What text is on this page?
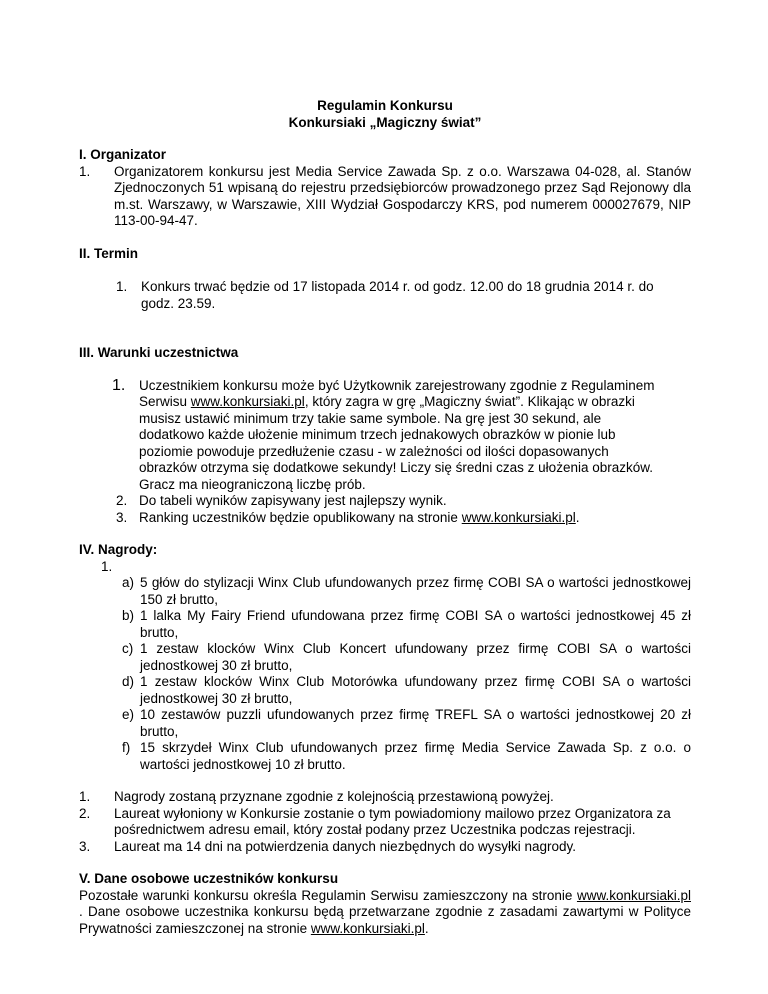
Regulamin Konkursu
Konkursiaki „Magiczny świat”
I. Organizator
1. Organizatorem konkursu jest Media Service Zawada Sp. z o.o. Warszawa 04-028, al. Stanów Zjednoczonych 51 wpisaną do rejestru przedsiębiorców prowadzonego przez Sąd Rejonowy dla m.st. Warszawy, w Warszawie, XIII Wydział Gospodarczy KRS, pod numerem 000027679, NIP 113-00-94-47.
II. Termin
1. Konkurs trwać będzie od 17 listopada 2014 r. od godz. 12.00 do 18 grudnia 2014 r. do godz. 23.59.
III. Warunki uczestnictwa
1. Uczestnikiem konkursu może być Użytkownik zarejestrowany zgodnie z Regulaminem Serwisu www.konkursiaki.pl, który zagra w grę „Magiczny świat”. Klikając w obrazki musisz ustawić minimum trzy takie same symbole. Na grę jest 30 sekund, ale dodatkowo każde ułożenie minimum trzech jednakowych obrazków w pionie lub poziomie powoduje przedłużenie czasu - w zależności od ilości dopasowanych obrazków otrzyma się dodatkowe sekundy! Liczy się średni czas z ułożenia obrazków. Gracz ma nieograniczoną liczbę prób.
2. Do tabeli wyników zapisywany jest najlepszy wynik.
3. Ranking uczestników będzie opublikowany na stronie www.konkursiaki.pl.
IV. Nagrody:
1.
a) 5 głów do stylizacji Winx Club ufundowanych przez firmę COBI SA o wartości jednostkowej 150 zł brutto,
b) 1 lalka My Fairy Friend ufundowana przez firmę COBI SA o wartości jednostkowej 45 zł brutto,
c) 1 zestaw klocków Winx Club Koncert ufundowany przez firmę COBI SA o wartości jednostkowej 30 zł brutto,
d) 1 zestaw klocków Winx Club Motorówka ufundowany przez firmę COBI SA o wartości jednostkowej 30 zł brutto,
e) 10 zestawów puzzli ufundowanych przez firmę TREFL SA o wartości jednostkowej 20 zł brutto,
f) 15 skrzydeł Winx Club ufundowanych przez firmę Media Service Zawada Sp. z o.o. o wartości jednostkowej 10 zł brutto.
1. Nagrody zostaną przyznane zgodnie z kolejnością przestawioną powyżej.
2. Laureat wyłoniony w Konkursie zostanie o tym powiadomiony mailowo przez Organizatora za pośrednictwem adresu email, który został podany przez Uczestnika podczas rejestracji.
3. Laureat ma 14 dni na potwierdzenia danych niezbędnych do wysyłki nagrody.
V. Dane osobowe uczestników konkursu

Pozostałe warunki konkursu określa Regulamin Serwisu zamieszczony na stronie www.konkursiaki.pl . Dane osobowe uczestnika konkursu będą przetwarzane zgodnie z zasadami zawartymi w Polityce Prywatności zamieszczonej na stronie www.konkursiaki.pl.
